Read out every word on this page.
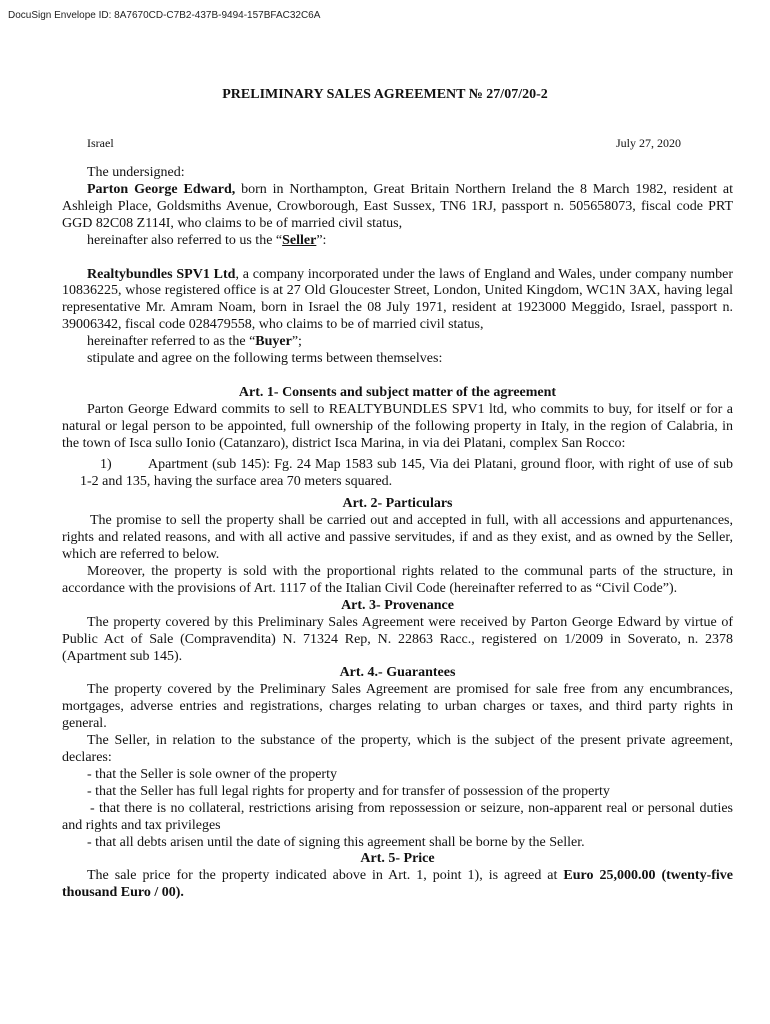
DocuSign Envelope ID: 8A7670CD-C7B2-437B-9494-157BFAC32C6A
PRELIMINARY SALES AGREEMENT № 27/07/20-2
Israel	July 27, 2020

The undersigned:

Parton George Edward, born in Northampton, Great Britain Northern Ireland the 8 March 1982, resident at Ashleigh Place, Goldsmiths Avenue, Crowborough, East Sussex, TN6 1RJ, passport n. 505658073, fiscal code PRT GGD 82C08 Z114I, who claims to be of married civil status,

hereinafter also referred to us the “Seller”:

Realtybundles SPV1 Ltd, a company incorporated under the laws of England and Wales, under company number 10836225, whose registered office is at 27 Old Gloucester Street, London, United Kingdom, WC1N 3AX, having legal representative Mr. Amram Noam, born in Israel the 08 July 1971, resident at 1923000 Meggido, Israel, passport n. 39006342, fiscal code 028479558, who claims to be of married civil status,

hereinafter referred to as the “Buyer”;

stipulate and agree on the following terms between themselves:

Art. 1- Consents and subject matter of the agreement

Parton George Edward commits to sell to REALTYBUNDLES SPV1 ltd, who commits to buy, for itself or for a natural or legal person to be appointed, full ownership of the following property in Italy, in the region of Calabria, in the town of Isca sullo Ionio (Catanzaro), district Isca Marina, in via dei Platani, complex San Rocco:

1)	Apartment (sub 145): Fg. 24 Map 1583 sub 145, Via dei Platani, ground floor, with right of use of sub 1-2 and 135, having the surface area 70 meters squared.

Art. 2- Particulars

The promise to sell the property shall be carried out and accepted in full, with all accessions and appurtenances, rights and related reasons, and with all active and passive servitudes, if and as they exist, and as owned by the Seller, which are referred to below.

Moreover, the property is sold with the proportional rights related to the communal parts of the structure, in accordance with the provisions of Art. 1117 of the Italian Civil Code (hereinafter referred to as “Civil Code”).

Art. 3- Provenance

The property covered by this Preliminary Sales Agreement were received by Parton George Edward by virtue of Public Act of Sale (Compravendita) N. 71324 Rep, N. 22863 Racc., registered on 1/2009 in Soverato, n. 2378 (Apartment sub 145).

Art. 4.- Guarantees

The property covered by the Preliminary Sales Agreement are promised for sale free from any encumbrances, mortgages, adverse entries and registrations, charges relating to urban charges or taxes, and third party rights in general.

The Seller, in relation to the substance of the property, which is the subject of the present private agreement, declares:

- that the Seller is sole owner of the property

- that the Seller has full legal rights for property and for transfer of possession of the property

- that there is no collateral, restrictions arising from repossession or seizure, non-apparent real or personal duties and rights and tax privileges

- that all debts arisen until the date of signing this agreement shall be borne by the Seller.

Art. 5- Price

The sale price for the property indicated above in Art. 1, point 1), is agreed at Euro 25,000.00 (twenty-five thousand Euro / 00).
